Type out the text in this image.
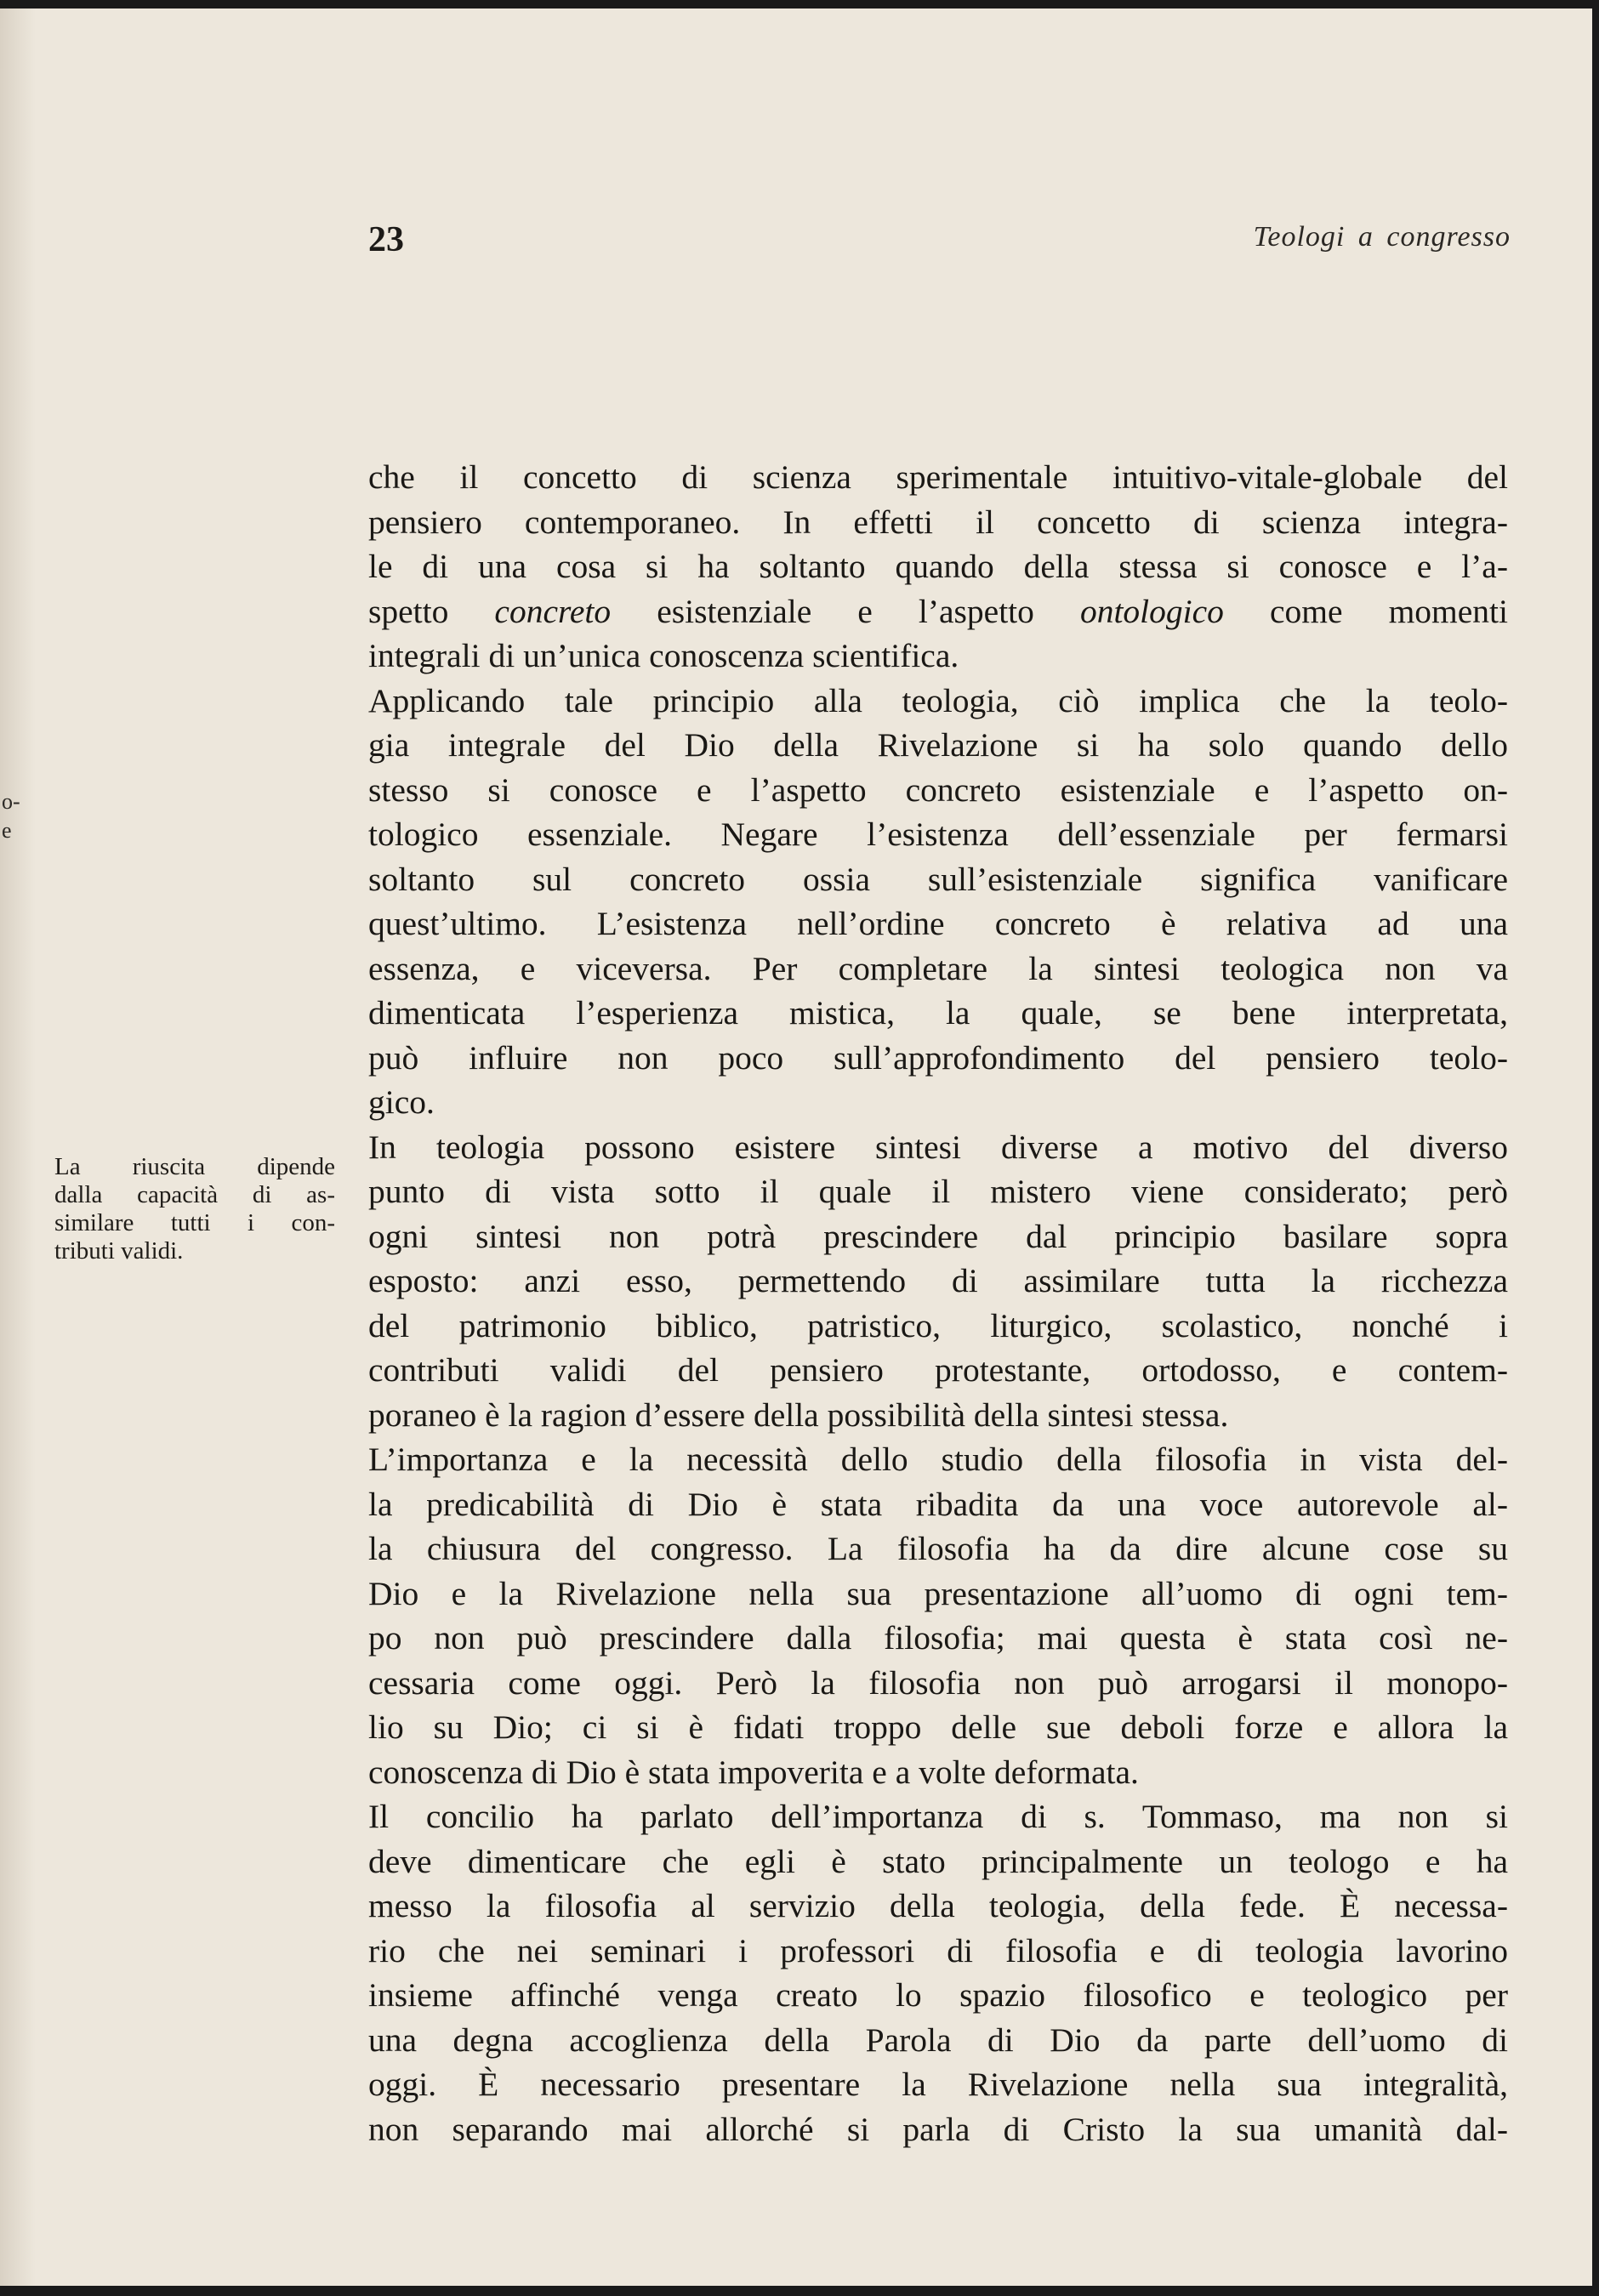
23	Teologi a congresso
o-
e
La riuscita dipende
dalla capacità di as-
similare tutti i con-
tributi validi.
che il concetto di scienza sperimentale intuitivo-vitale-globale del
pensiero contemporaneo. In effetti il concetto di scienza integra-
le di una cosa si ha soltanto quando della stessa si conosce e l’a-
spetto concreto esistenziale e l’aspetto ontologico come momenti
integrali di un’unica conoscenza scientifica.
Applicando tale principio alla teologia, ciò implica che la teolo-
gia integrale del Dio della Rivelazione si ha solo quando dello
stesso si conosce e l’aspetto concreto esistenziale e l’aspetto on-
tologico essenziale. Negare l’esistenza dell’essenziale per fermarsi
soltanto sul concreto ossia sull’esistenziale significa vanificare
quest’ultimo. L’esistenza nell’ordine concreto è relativa ad una
essenza, e viceversa. Per completare la sintesi teologica non va
dimenticata l’esperienza mistica, la quale, se bene interpretata,
può influire non poco sull’approfondimento del pensiero teolo-
gico.
In teologia possono esistere sintesi diverse a motivo del diverso
punto di vista sotto il quale il mistero viene considerato; però
ogni sintesi non potrà prescindere dal principio basilare sopra
esposto: anzi esso, permettendo di assimilare tutta la ricchezza
del patrimonio biblico, patristico, liturgico, scolastico, nonché i
contributi validi del pensiero protestante, ortodosso, e contem-
poraneo è la ragion d’essere della possibilità della sintesi stessa.
L’importanza e la necessità dello studio della filosofia in vista del-
la predicabilità di Dio è stata ribadita da una voce autorevole al-
la chiusura del congresso. La filosofia ha da dire alcune cose su
Dio e la Rivelazione nella sua presentazione all’uomo di ogni tem-
po non può prescindere dalla filosofia; mai questa è stata così ne-
cessaria come oggi. Però la filosofia non può arrogarsi il monopo-
lio su Dio; ci si è fidati troppo delle sue deboli forze e allora la
conoscenza di Dio è stata impoverita e a volte deformata.
Il concilio ha parlato dell’importanza di s. Tommaso, ma non si
deve dimenticare che egli è stato principalmente un teologo e ha
messo la filosofia al servizio della teologia, della fede. È necessa-
rio che nei seminari i professori di filosofia e di teologia lavorino
insieme affinché venga creato lo spazio filosofico e teologico per
una degna accoglienza della Parola di Dio da parte dell’uomo di
oggi. È necessario presentare la Rivelazione nella sua integralità,
non separando mai allorché si parla di Cristo la sua umanità dal-
